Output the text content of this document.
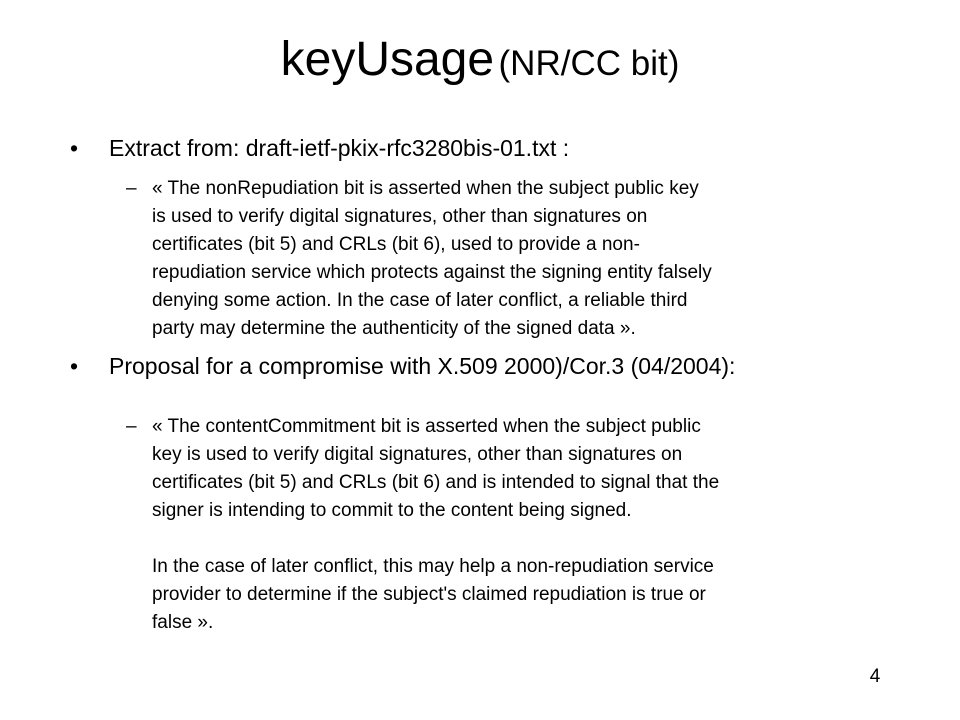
keyUsage (NR/CC bit)
• Extract from: draft-ietf-pkix-rfc3280bis-01.txt :
– « The nonRepudiation bit is asserted when the subject public key
is used to verify digital signatures, other than signatures on
certificates (bit 5) and CRLs (bit 6), used to provide a non-
repudiation service which protects against the signing entity falsely
denying some action. In the case of later conflict, a reliable third
party may determine the authenticity of the signed data ».
• Proposal for a compromise with X.509 2000)/Cor.3 (04/2004):
– « The contentCommitment bit is asserted when the subject public
key is used to verify digital signatures, other than signatures on
certificates (bit 5) and CRLs (bit 6) and is intended to signal that the
signer is intending to commit to the content being signed.
In the case of later conflict, this may help a non-repudiation service
provider to determine if the subject's claimed repudiation is true or
false ».
4
